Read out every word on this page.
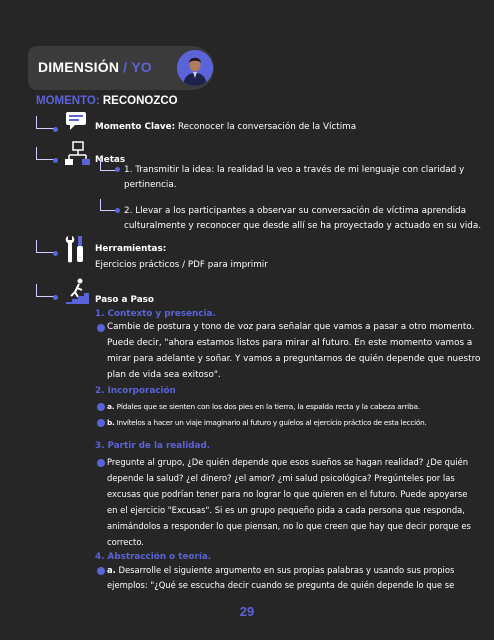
DIMENSIÓN / YO
MOMENTO: RECONOZCO
Momento Clave: Reconocer la conversación de la Víctima
Metas
1. Transmitir la idea: la realidad la veo a través de mi lenguaje con claridad y
pertinencia.
2. Llevar a los participantes a observar su conversación de víctima aprendida
culturalmente y reconocer que desde allí se ha proyectado y actuado en su vida.
Herramientas:
Ejercicios prácticos / PDF para imprimir
Paso a Paso
1. Contexto y presencia.
Cambie de postura y tono de voz para señalar que vamos a pasar a otro momento.
Puede decir, "ahora estamos listos para mirar al futuro. En este momento vamos a
mirar para adelante y soñar. Y vamos a preguntarnos de quién depende que nuestro
plan de vida sea exitoso".
2. Incorporación
a. Pídales que se sienten con los dos pies en la tierra, la espalda recta y la cabeza arriba.
b. Invítelos a hacer un viaje imaginario al futuro y guíelos al ejercicio práctico de esta lección.
3. Partir de la realidad.
Pregunte al grupo, ¿De quién depende que esos sueños se hagan realidad? ¿De quién
depende la salud? ¿el dinero? ¿el amor? ¿mi salud psicológica? Pregúnteles por las
excusas que podrían tener para no lograr lo que quieren en el futuro. Puede apoyarse
en el ejercicio "Excusas". Si es un grupo pequeño pida a cada persona que responda,
animándolos a responder lo que piensan, no lo que creen que hay que decir porque es
correcto.
4. Abstracción o teoría.
a. Desarrolle el siguiente argumento en sus propias palabras y usando sus propios
ejemplos: "¿Qué se escucha decir cuando se pregunta de quién depende lo que se
29
